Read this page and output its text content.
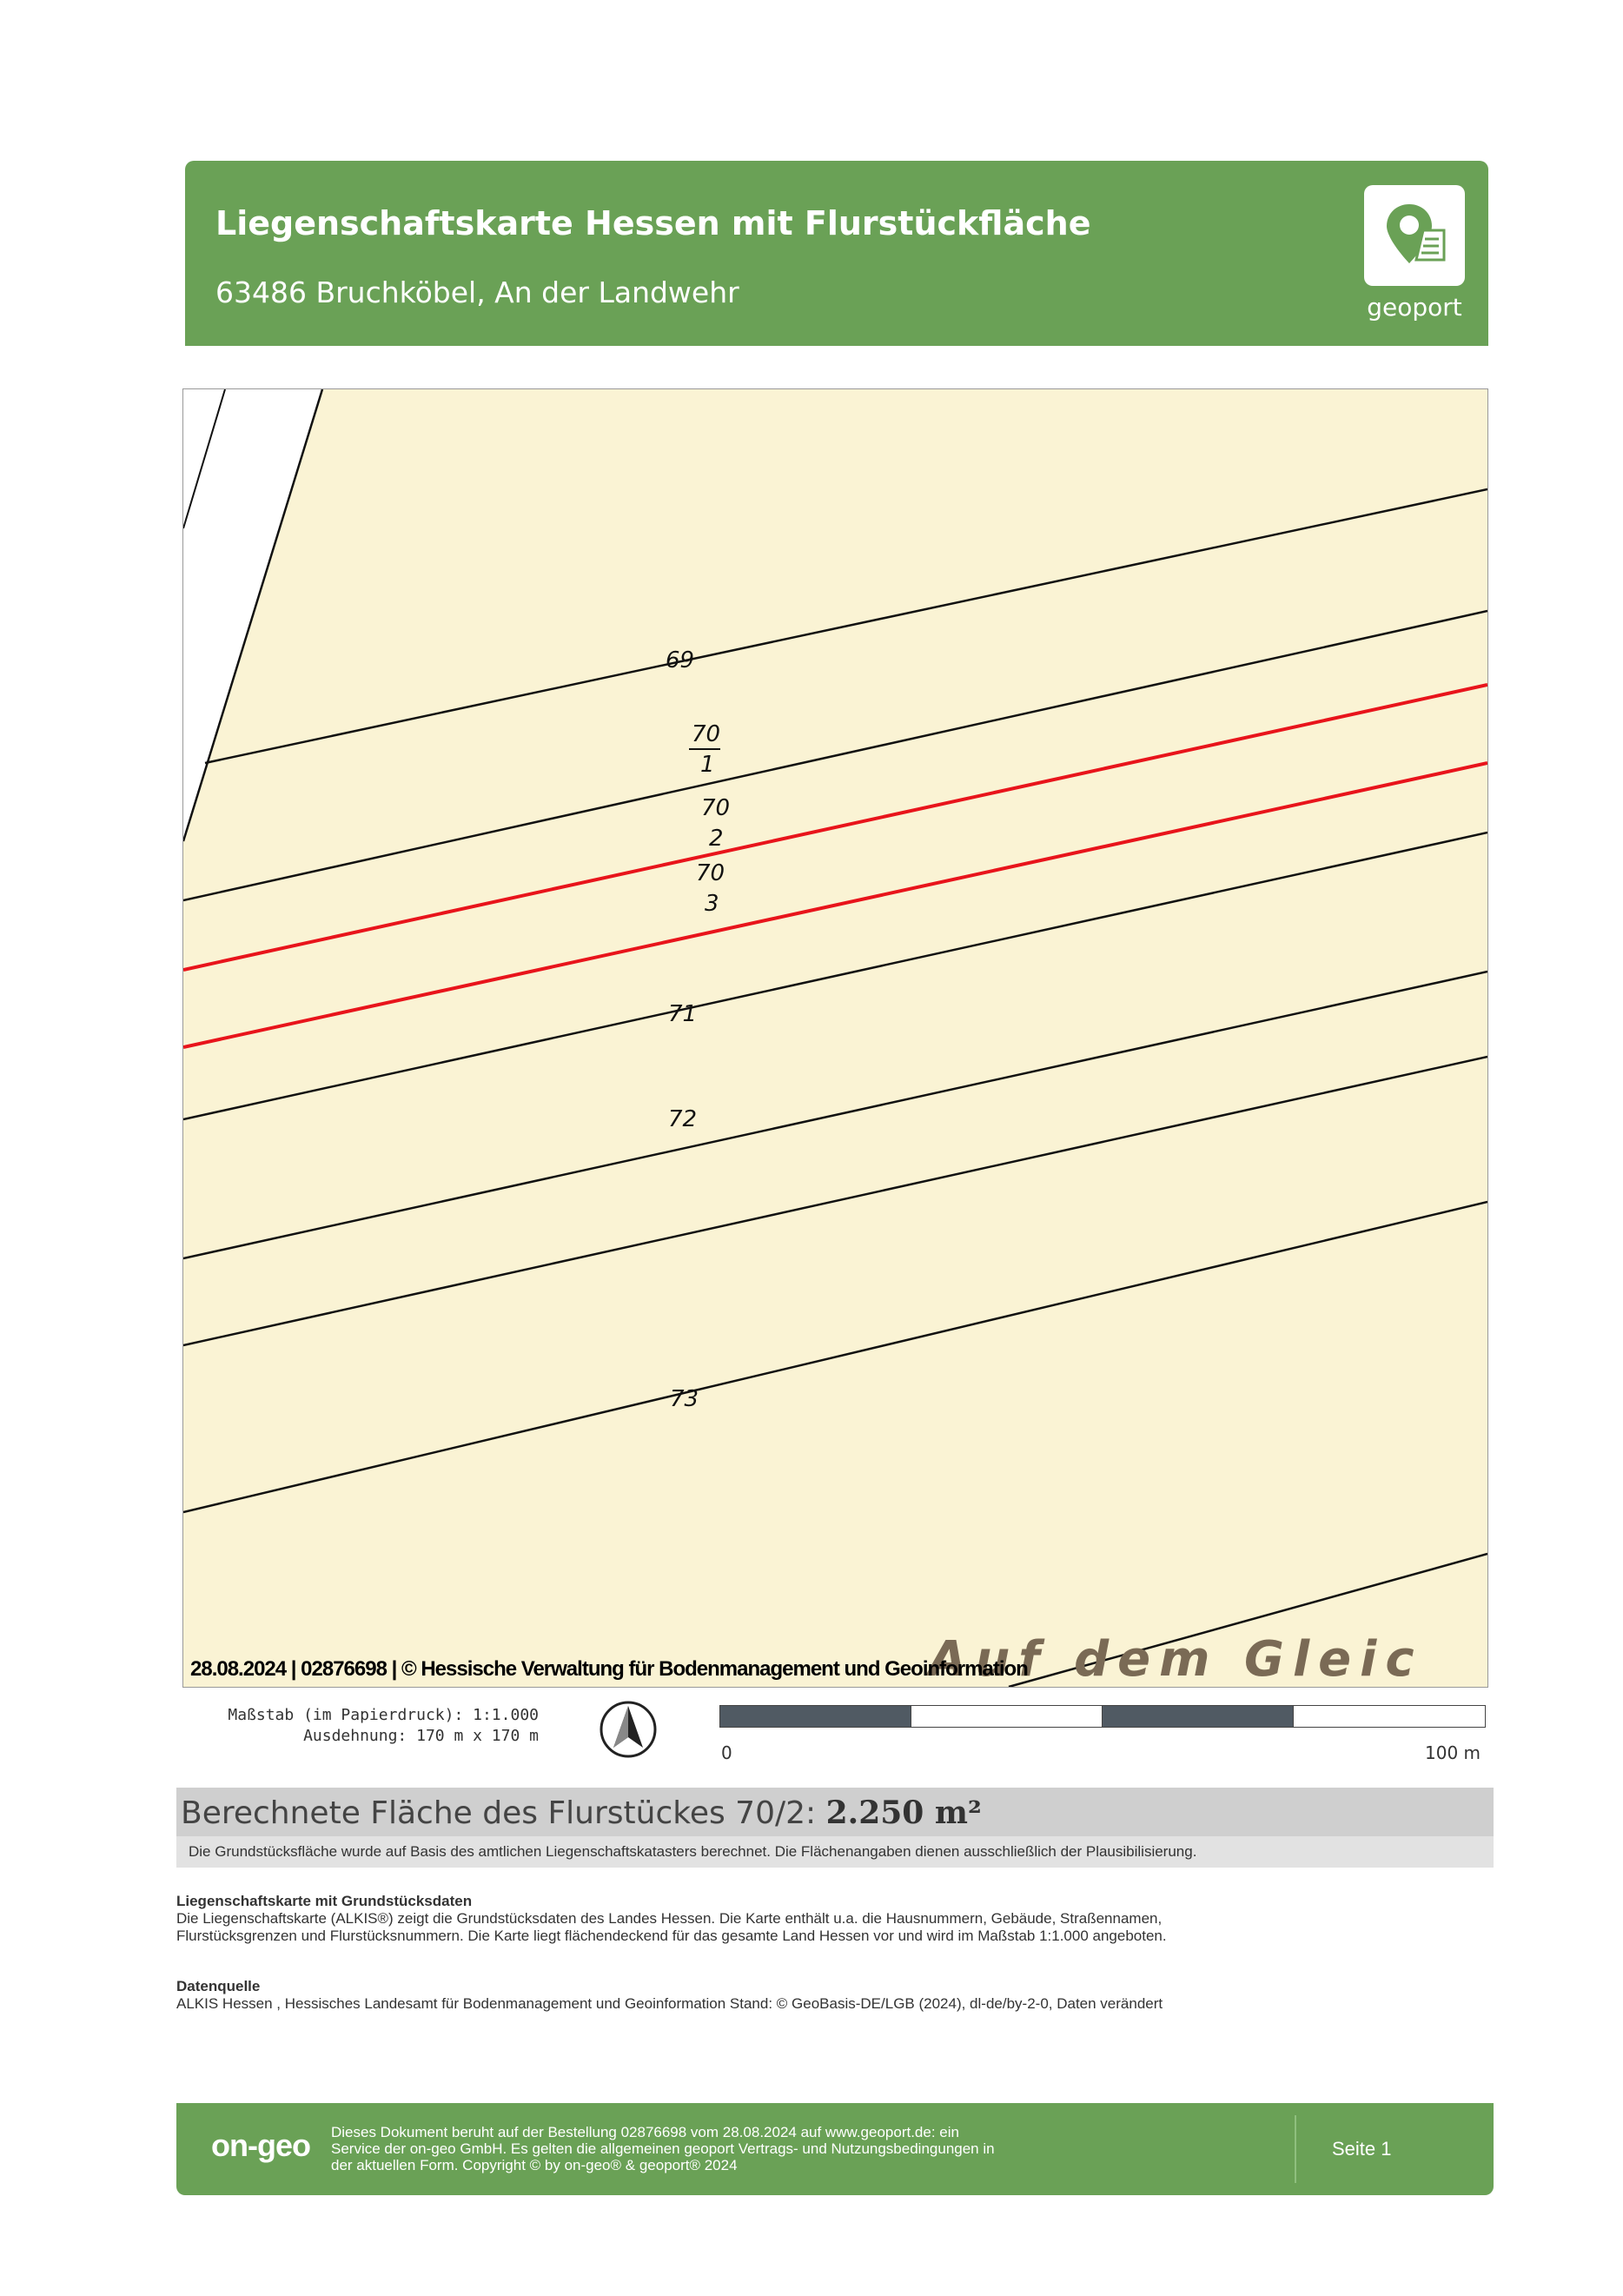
Liegenschaftskarte Hessen mit Flurstückfläche
63486 Bruchköbel, An der Landwehr	geoport
69
70
1
70
2
70
3
71
72
73
Auf dem Gleic
28.08.2024 | 02876698 | © Hessische Verwaltung für Bodenmanagement und Geoinformation
Maßstab (im Papierdruck): 1:1.000
Ausdehnung: 170 m x 170 m
0	100 m
Berechnete Fläche des Flurstückes 70/2: 2.250 m²
Die Grundstücksfläche wurde auf Basis des amtlichen Liegenschaftskatasters berechnet. Die Flächenangaben dienen ausschließlich der Plausibilisierung.
Liegenschaftskarte mit Grundstücksdaten
Die Liegenschaftskarte (ALKIS®) zeigt die Grundstücksdaten des Landes Hessen. Die Karte enthält u.a. die Hausnummern, Gebäude, Straßennamen,
Flurstücksgrenzen und Flurstücksnummern. Die Karte liegt flächendeckend für das gesamte Land Hessen vor und wird im Maßstab 1:1.000 angeboten.
Datenquelle
ALKIS Hessen , Hessisches Landesamt für Bodenmanagement und Geoinformation Stand: © GeoBasis-DE/LGB (2024), dl-de/by-2-0, Daten verändert
on-geo Dieses Dokument beruht auf der Bestellung 02876698 vom 28.08.2024 auf www.geoport.de: ein
Service der on-geo GmbH. Es gelten die allgemeinen geoport Vertrags- und Nutzungsbedingungen in
der aktuellen Form. Copyright © by on-geo® & geoport® 2024
Seite 1
